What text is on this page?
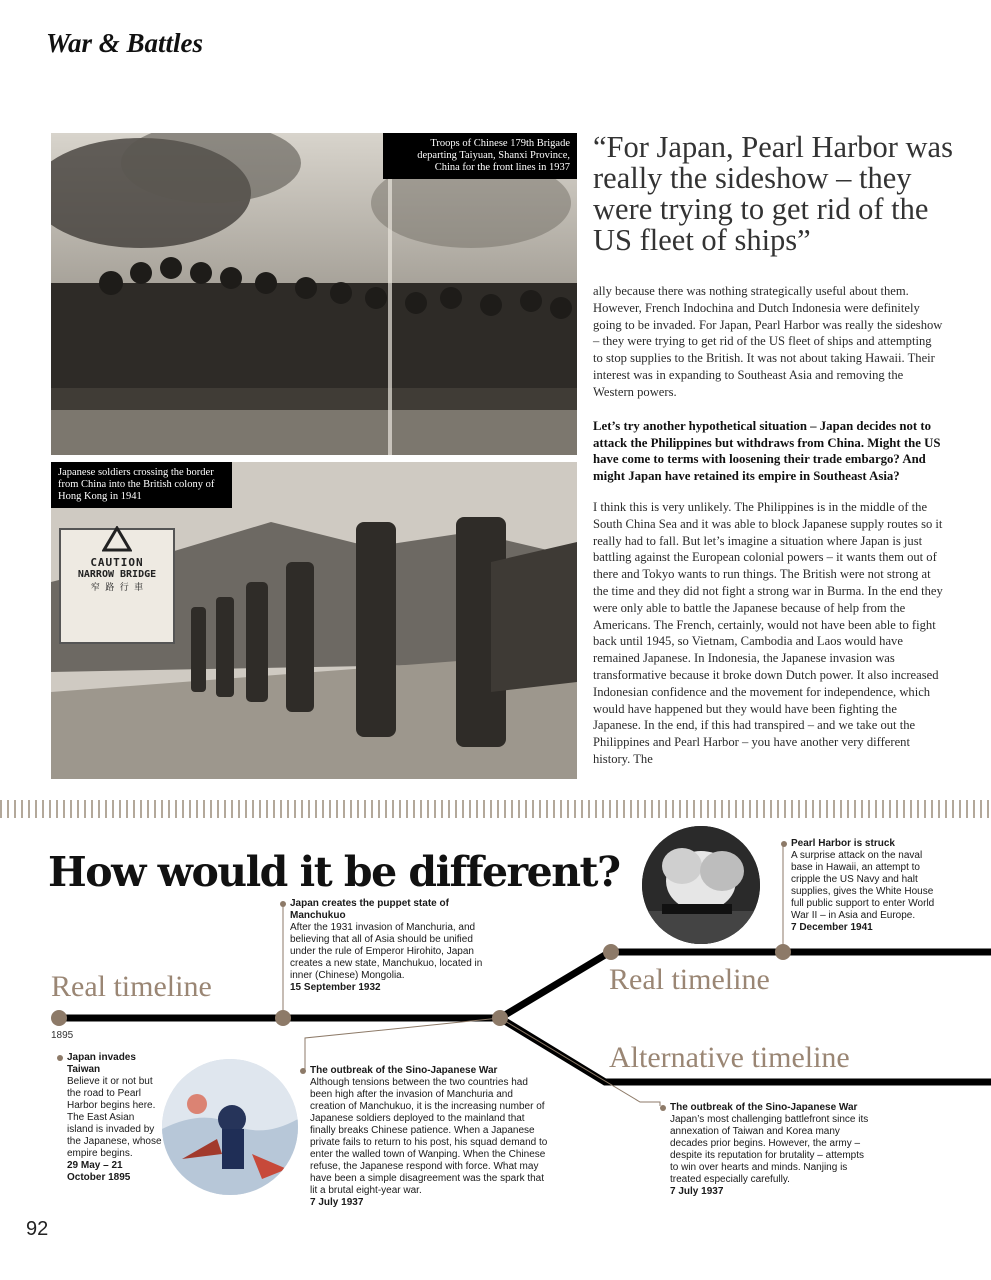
War & Battles
Troops of Chinese 179th Brigade departing Taiyuan, Shanxi Province, China for the front lines in 1937
Japanese soldiers crossing the border from China into the British colony of Hong Kong in 1941
CAUTION
NARROW BRIDGE
窄 路 行 車
“For Japan, Pearl Harbor was really the sideshow – they were trying to get rid of the US fleet of ships”
ally because there was nothing strategically useful about them. However, French Indochina and Dutch Indonesia were definitely going to be invaded. For Japan, Pearl Harbor was really the sideshow – they were trying to get rid of the US fleet of ships and attempting to stop supplies to the British. It was not about taking Hawaii. Their interest was in expanding to Southeast Asia and removing the Western powers.
Let’s try another hypothetical situation – Japan decides not to attack the Philippines but withdraws from China. Might the US have come to terms with loosening their trade embargo? And might Japan have retained its empire in Southeast Asia?
I think this is very unlikely. The Philippines is in the middle of the South China Sea and it was able to block Japanese supply routes so it really had to fall. But let’s imagine a situation where Japan is just battling against the European colonial powers – it wants them out of there and Tokyo wants to run things. The British were not strong at the time and they did not fight a strong war in Burma. In the end they were only able to battle the Japanese because of help from the Americans. The French, certainly, would not have been able to fight back until 1945, so Vietnam, Cambodia and Laos would have remained Japanese. In Indonesia, the Japanese invasion was transformative because it broke down Dutch power. It also increased Indonesian confidence and the movement for independence, which would have happened but they would have been fighting the Japanese. In the end, if this had transpired – and we take out the Philippines and Pearl Harbor – you have another very different history. The
How would it be different?
Real timeline	Real timeline
Alternative timeline
1895
Japan invades Taiwan
Believe it or not but the road to Pearl Harbor begins here. The East Asian island is invaded by the Japanese, whose empire begins.
29 May – 21 October 1895
Japan creates the puppet state of Manchukuo
After the 1931 invasion of Manchuria, and believing that all of Asia should be unified under the rule of Emperor Hirohito, Japan creates a new state, Manchukuo, located in inner (Chinese) Mongolia.
15 September 1932
The outbreak of the Sino-Japanese War
Although tensions between the two countries had been high after the invasion of Manchuria and creation of Manchukuo, it is the increasing number of Japanese soldiers deployed to the mainland that finally breaks Chinese patience. When a Japanese private fails to return to his post, his squad demand to enter the walled town of Wanping. When the Chinese refuse, the Japanese respond with force. What may have been a simple disagreement was the spark that lit a brutal eight-year war.
7 July 1937
Pearl Harbor is struck
A surprise attack on the naval base in Hawaii, an attempt to cripple the US Navy and halt supplies, gives the White House full public support to enter World War II – in Asia and Europe.
7 December 1941
The outbreak of the Sino-Japanese War
Japan’s most challenging battlefront since its annexation of Taiwan and Korea many decades prior begins. However, the army – despite its reputation for brutality – attempts to win over hearts and minds. Nanjing is treated especially carefully.
7 July 1937
92
